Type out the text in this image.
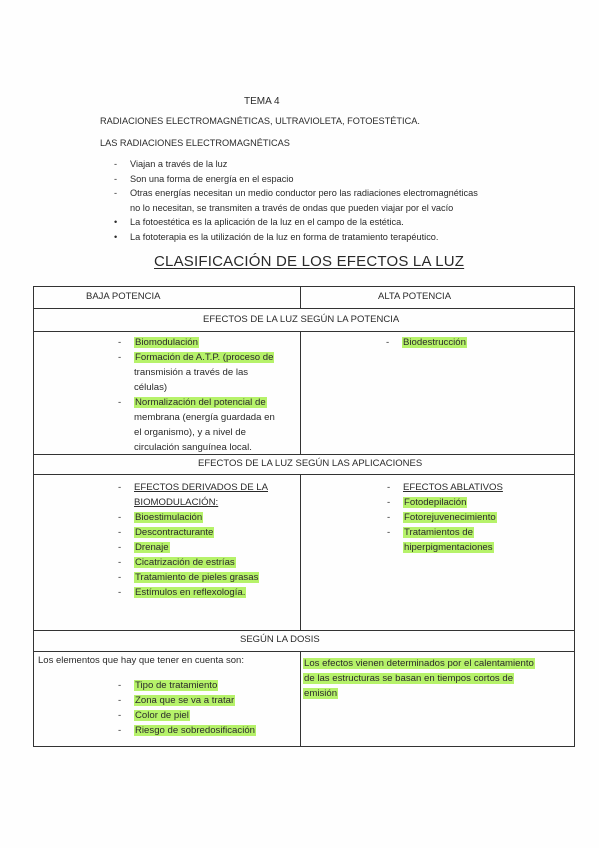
TEMA 4
RADIACIONES ELECTROMAGNÉTICAS, ULTRAVIOLETA, FOTOESTÉTICA.
LAS RADIACIONES ELECTROMAGNÉTICAS
- Viajan a través de la luz
- Son una forma de energía en el espacio
- Otras energías necesitan un medio conductor pero las radiaciones electromagnéticas
no lo necesitan, se transmiten a través de ondas que pueden viajar por el vacío
• La fotoestética es la aplicación de la luz en el campo de la estética.
• La fototerapia es la utilización de la luz en forma de tratamiento terapéutico.
CLASIFICACIÓN DE LOS EFECTOS LA LUZ
BAJA POTENCIA	ALTA POTENCIA
EFECTOS DE LA LUZ SEGÚN LA POTENCIA
- Biomodulación
- Formación de A.T.P. (proceso de
transmisión a través de las
células)
- Normalización del potencial de
membrana (energía guardada en
el organismo), y a nivel de
circulación sanguínea local.
- Biodestrucción
EFECTOS DE LA LUZ SEGÚN LAS APLICACIONES
- EFECTOS DERIVADOS DE LA
BIOMODULACIÓN:
- Bioestimulación
- Descontracturante
- Drenaje
- Cicatrización de estrías
- Tratamiento de pieles grasas
- Estímulos en reflexología.
- EFECTOS ABLATIVOS
- Fotodepilación
- Fotorejuvenecimiento
- Tratamientos de
hiperpigmentaciones
SEGÚN LA DOSIS
Los elementos que hay que tener en cuenta son:
- Tipo de tratamiento
- Zona que se va a tratar
- Color de piel
- Riesgo de sobredosificación
Los efectos vienen determinados por el calentamiento
de las estructuras se basan en tiempos cortos de
emisión
